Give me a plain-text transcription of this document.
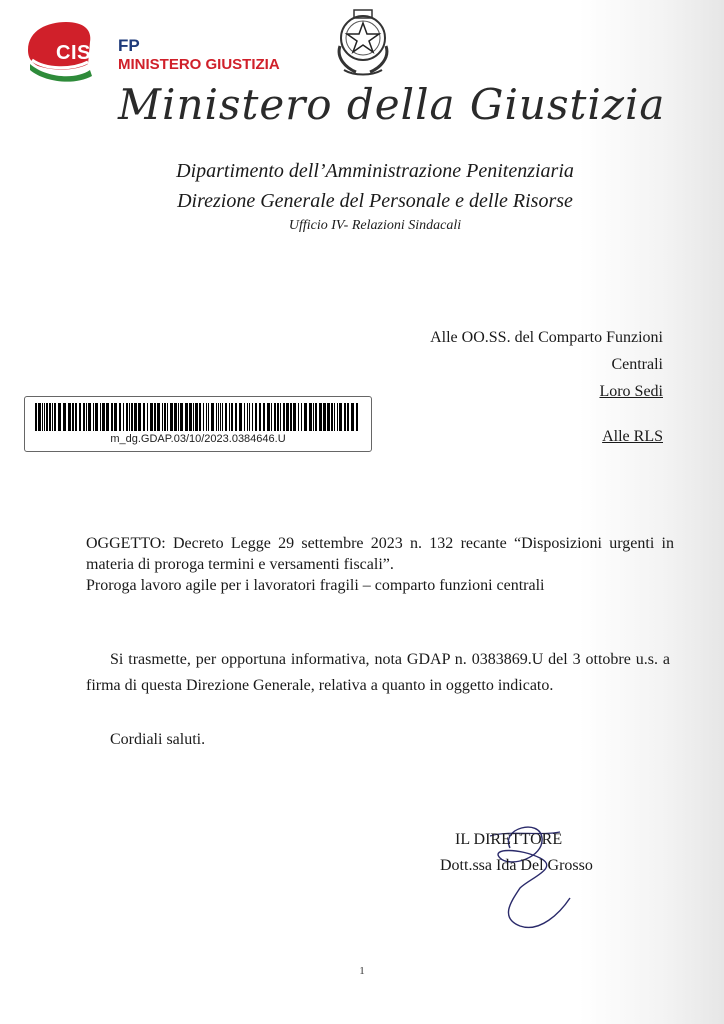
CISL FP
MINISTERO GIUSTIZIA
Ministero della Giustizia
Dipartimento dell’Amministrazione Penitenziaria
Direzione Generale del Personale e delle Risorse
Ufficio IV- Relazioni Sindacali
Alle OO.SS. del Comparto Funzioni
Centrali
Loro Sedi
Alle RLS
m_dg.GDAP.03/10/2023.0384646.U
OGGETTO: Decreto Legge 29 settembre 2023 n. 132 recante “Disposizioni urgenti in materia di proroga termini e versamenti fiscali”.
Proroga lavoro agile per i lavoratori fragili – comparto funzioni centrali
Si trasmette, per opportuna informativa, nota GDAP n. 0383869.U del 3 ottobre u.s. a firma di questa Direzione Generale, relativa a quanto in oggetto indicato.
Cordiali saluti.
IL DIRETTORE
Dott.ssa Ida Del Grosso
1
